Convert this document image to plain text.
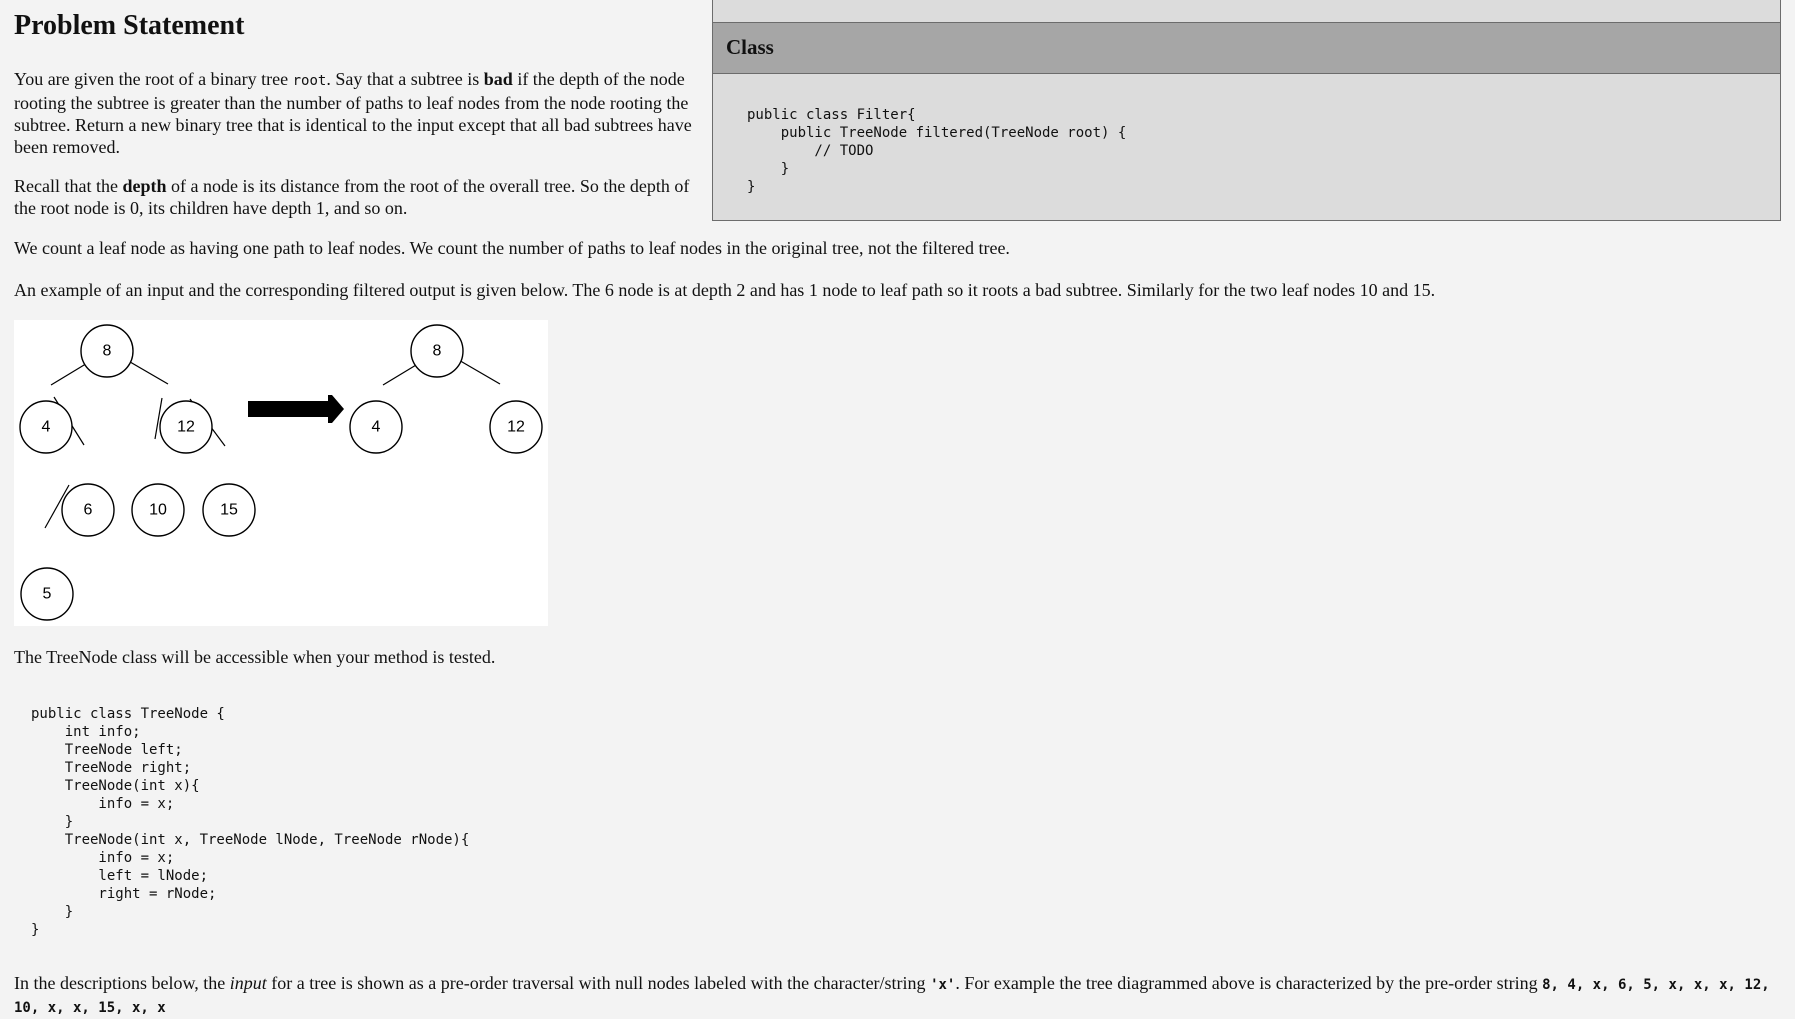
Problem Statement

You are given the root of a binary tree root. Say that a subtree is bad if the depth of the node rooting the subtree is greater than the number of paths to leaf nodes from the node rooting the subtree. Return a new binary tree that is identical to the input except that all bad subtrees have been removed.

Recall that the depth of a node is its distance from the root of the overall tree. So the depth of the root node is 0, its children have depth 1, and so on.

Class
public class Filter{
public TreeNode filtered(TreeNode root) {
// TODO
}
}

We count a leaf node as having one path to leaf nodes. We count the number of paths to leaf nodes in the original tree, not the filtered tree.

An example of an input and the corresponding filtered output is given below. The 6 node is at depth 2 and has 1 node to leaf path so it roots a bad subtree. Similarly for the two leaf nodes 10 and 15.

8
4	12
6	10	15
5
8
4	12

The TreeNode class will be accessible when your method is tested.

public class TreeNode {
int info;
TreeNode left;
TreeNode right;
TreeNode(int x){
info = x;
}
TreeNode(int x, TreeNode lNode, TreeNode rNode){
info = x;
left = lNode;
right = rNode;
}
}

In the descriptions below, the input for a tree is shown as a pre-order traversal with null nodes labeled with the character/string 'x'. For example the tree diagrammed above is characterized by the pre-order string 8, 4, x, 6, 5, x, x, x, 12, 10, x, x, 15, x, x
